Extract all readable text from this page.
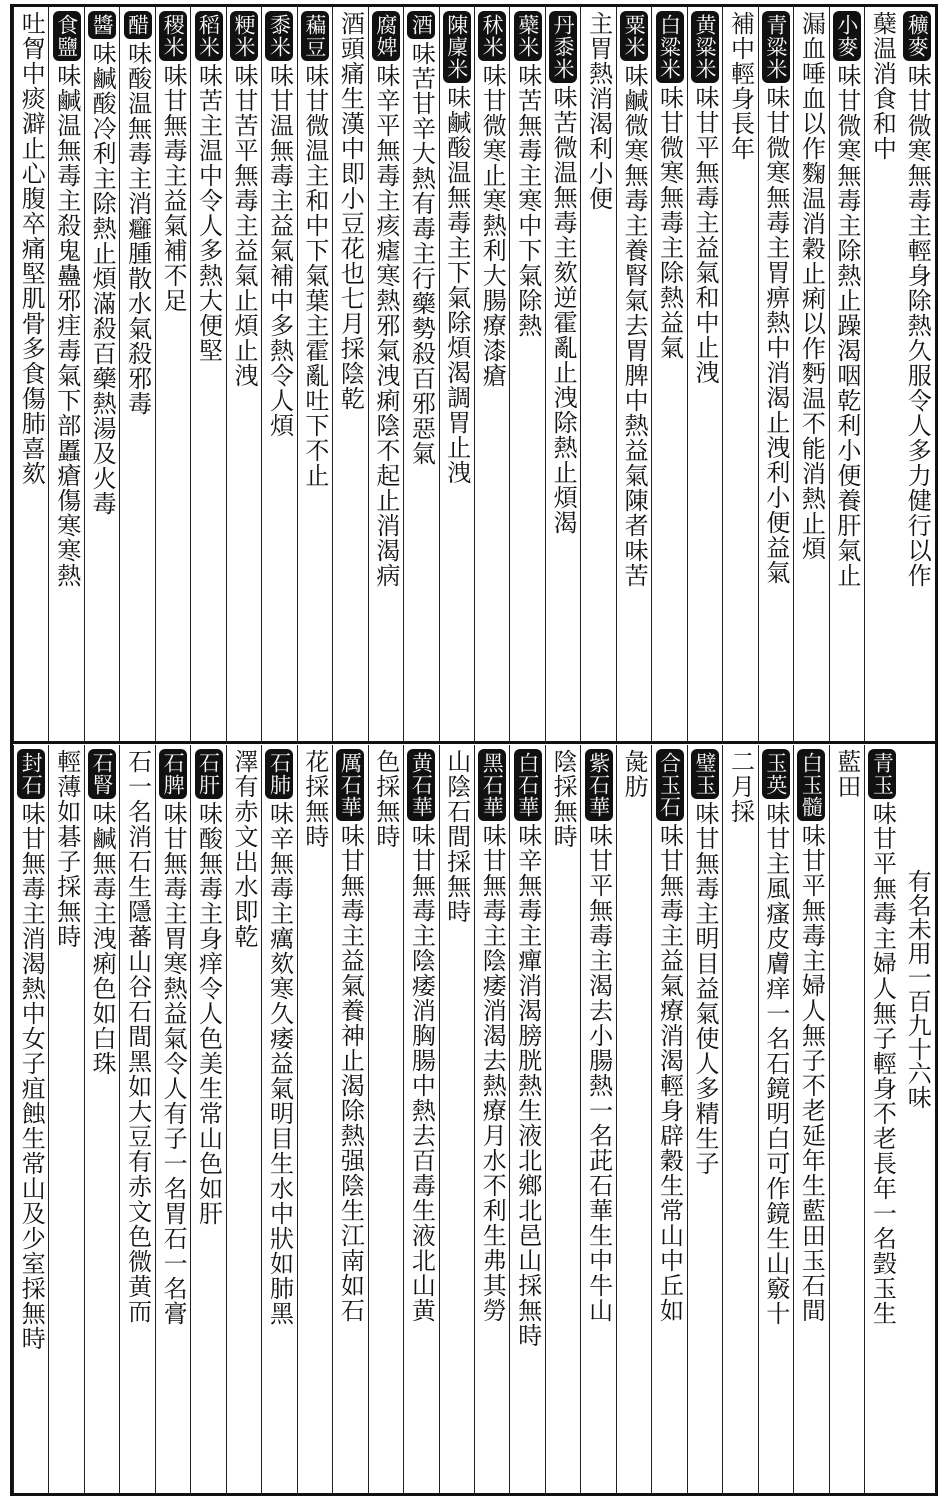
穬麥
味甘微寒無毒主輕身除熱久服令人多力健行以作
蘖温消食和中
小麥
味甘微寒無毒主除熱止躁渴咽乾利小便養肝氣止
漏血唾血以作麴温消穀止痢以作麪温不能消熱止煩
青粱米
味甘微寒無毒主胃痹熱中消渴止洩利小便益氣
補中輕身長年
黄粱米
味甘平無毒主益氣和中止洩
白粱米
味甘微寒無毒主除熱益氣
粟米
味鹹微寒無毒主養腎氣去胃脾中熱益氣陳者味苦
主胃熱消渴利小便
丹黍米
味苦微温無毒主欬逆霍亂止洩除熱止煩渴
蘗米
味苦無毒主寒中下氣除熱
秫米
味甘微寒止寒熱利大腸療漆瘡
陳廩米
味鹹酸温無毒主下氣除煩渴調胃止洩
酒
味苦甘辛大熱有毒主行藥勢殺百邪惡氣
腐婢
味辛平無毒主痎瘧寒熱邪氣洩痢陰不起止消渴病
酒頭痛生漢中即小豆花也七月採陰乾
藊豆
味甘微温主和中下氣葉主霍亂吐下不止
黍米
味甘温無毒主益氣補中多熱令人煩
粳米
味甘苦平無毒主益氣止煩止洩
稻米
味苦主温中令人多熱大便堅
稷米
味甘無毒主益氣補不足
醋
味酸温無毒主消癰腫散水氣殺邪毒
醬
味鹹酸冷利主除熱止煩滿殺百藥熱湯及火毒
食鹽
味鹹温無毒主殺鬼蠱邪疰毒氣下部䘌瘡傷寒寒熱
吐胷中痰澼止心腹卒痛堅肌骨多食傷肺喜欬
有名未用一百九十六味
青玉
味甘平無毒主婦人無子輕身不老長年一名瑴玉生
藍田
白玉髓
味甘平無毒主婦人無子不老延年生藍田玉石間
玉英
味甘主風瘙皮膚痒一名石鏡明白可作鏡生山竅十
二月採
璧玉
味甘無毒主明目益氣使人多精生子
合玉石
味甘無毒主益氣療消渴輕身辟穀生常山中丘如
彘肪
紫石華
味甘平無毒主渴去小腸熱一名茈石華生中牛山
陰採無時
白石華
味辛無毒主癉消渴膀胱熱生液北鄉北邑山採無時
黑石華
味甘無毒主陰痿消渴去熱療月水不利生弗其勞
山陰石間採無時
黄石華
味甘無毒主陰痿消胸腸中熱去百毒生液北山黄
色採無時
厲石華
味甘無毒主益氣養神止渴除熱强陰生江南如石
花採無時
石肺
味辛無毒主癘欬寒久痿益氣明目生水中狀如肺黑
澤有赤文出水即乾
石肝
味酸無毒主身痒令人色美生常山色如肝
石脾
味甘無毒主胃寒熱益氣令人有子一名胃石一名膏
石一名消石生隱蕃山谷石間黑如大豆有赤文色微黄而
石腎
味鹹無毒主洩痢色如白珠
輕薄如碁子採無時
封石
味甘無毒主消渴熱中女子疽蝕生常山及少室採無時
